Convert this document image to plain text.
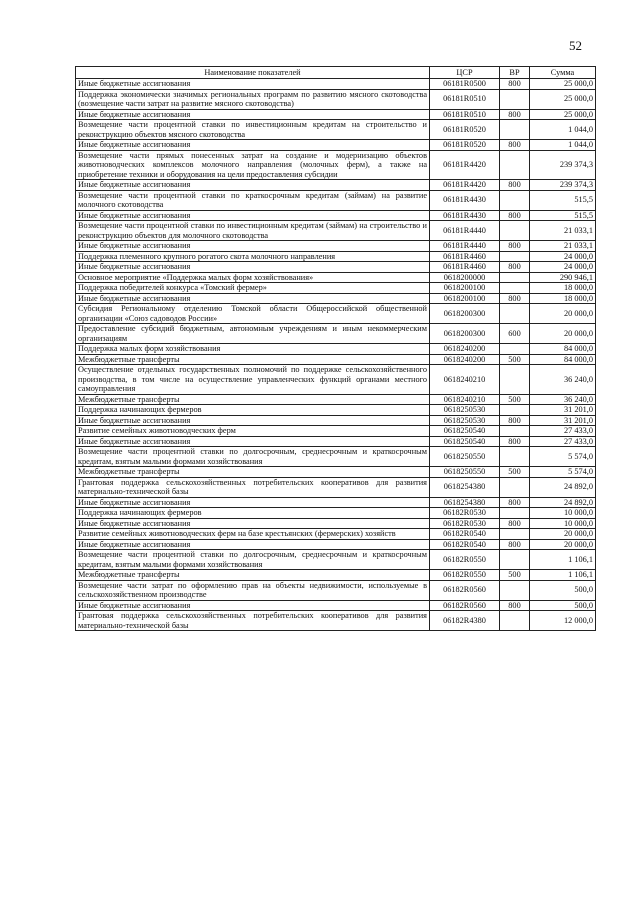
52
Наименование показателей	ЦСР	ВР	Сумма
Иные бюджетные ассигнования	06181R0500	800	25 000,0
Поддержка экономически значимых региональных программ по развитию мясного скотоводства (возмещение части затрат на развитие мясного скотоводства)	06181R0510		25 000,0
Иные бюджетные ассигнования	06181R0510	800	25 000,0
Возмещение части процентной ставки по инвестиционным кредитам на строительство и реконструкцию объектов мясного скотоводства	06181R0520		1 044,0
Иные бюджетные ассигнования	06181R0520	800	1 044,0
Возмещение части прямых понесенных затрат на создание и модернизацию объектов животноводческих комплексов молочного направления (молочных ферм), а также на приобретение техники и оборудования на цели предоставления субсидии	06181R4420		239 374,3
Иные бюджетные ассигнования	06181R4420	800	239 374,3
Возмещение части процентной ставки по краткосрочным кредитам (займам) на развитие молочного скотоводства	06181R4430		515,5
Иные бюджетные ассигнования	06181R4430	800	515,5
Возмещение части процентной ставки по инвестиционным кредитам (займам) на строительство и реконструкцию объектов для молочного скотоводства	06181R4440		21 033,1
Иные бюджетные ассигнования	06181R4440	800	21 033,1
Поддержка племенного крупного рогатого скота молочного направления	06181R4460		24 000,0
Иные бюджетные ассигнования	06181R4460	800	24 000,0
Основное мероприятие «Поддержка малых форм хозяйствования»	0618200000		290 946,1
Поддержка победителей конкурса «Томский фермер»	0618200100		18 000,0
Иные бюджетные ассигнования	0618200100	800	18 000,0
Субсидия Региональному отделению Томской области Общероссийской общественной организации «Союз садоводов России»	0618200300		20 000,0
Предоставление субсидий бюджетным, автономным учреждениям и иным некоммерческим организациям	0618200300	600	20 000,0
Поддержка малых форм хозяйствования	0618240200		84 000,0
Межбюджетные трансферты	0618240200	500	84 000,0
Осуществление отдельных государственных полномочий по поддержке сельскохозяйственного производства, в том числе на осуществление управленческих функций органами местного самоуправления	0618240210		36 240,0
Межбюджетные трансферты	0618240210	500	36 240,0
Поддержка начинающих фермеров	0618250530		31 201,0
Иные бюджетные ассигнования	0618250530	800	31 201,0
Развитие семейных животноводческих ферм	0618250540		27 433,0
Иные бюджетные ассигнования	0618250540	800	27 433,0
Возмещение части процентной ставки по долгосрочным, среднесрочным и краткосрочным кредитам, взятым малыми формами хозяйствования	0618250550		5 574,0
Межбюджетные трансферты	0618250550	500	5 574,0
Грантовая поддержка сельскохозяйственных потребительских кооперативов для развития материально-технической базы	0618254380		24 892,0
Иные бюджетные ассигнования	0618254380	800	24 892,0
Поддержка начинающих фермеров	06182R0530		10 000,0
Иные бюджетные ассигнования	06182R0530	800	10 000,0
Развитие семейных животноводческих ферм на базе крестьянских (фермерских) хозяйств	06182R0540		20 000,0
Иные бюджетные ассигнования	06182R0540	800	20 000,0
Возмещение части процентной ставки по долгосрочным, среднесрочным и краткосрочным кредитам, взятым малыми формами хозяйствования	06182R0550		1 106,1
Межбюджетные трансферты	06182R0550	500	1 106,1
Возмещение части затрат по оформлению прав на объекты недвижимости, используемые в сельскохозяйственном производстве	06182R0560		500,0
Иные бюджетные ассигнования	06182R0560	800	500,0
Грантовая поддержка сельскохозяйственных потребительских кооперативов для развития материально-технической базы	06182R4380		12 000,0
